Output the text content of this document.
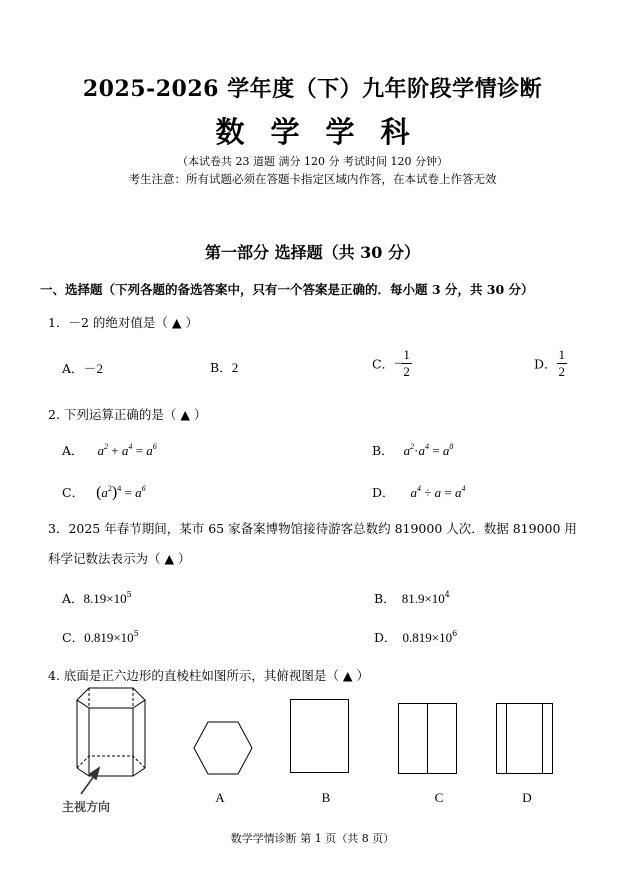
2025-2026 学年度（下）九年阶段学情诊断
数学学科
（本试卷共 23 道题 满分 120 分 考试时间 120 分钟）
考生注意：所有试题必须在答题卡指定区域内作答，在本试卷上作答无效
第一部分 选择题（共 30 分）
一、选择题（下列各题的备选答案中，只有一个答案是正确的．每小题 3 分，共 30 分）
1．－2 的绝对值是（ ▲ ）
A．－2	B．2	C．− $\frac{1}{2}$	D． $\frac{1}{2}$
2. 下列运算正确的是（ ▲ ）
A． $a^2 + a^4 = a^6$	B． $a^2\cdot a^4 = a^8$
C． $(a^2)^4 = a^6$	D． $a^4 \div a = a^4$
3．2025 年春节期间，某市 65 家备案博物馆接待游客总数约 819000 人次．数据 819000 用
科学记数法表示为（ ▲ ）
A．$8.19\times 10^5$	B． $81.9\times 10^4$
C．$0.819\times 10^5$	D． $0.819\times 10^6$
4. 底面是正六边形的直棱柱如图所示，其俯视图是（ ▲ ）
主视方向
A	B	C	D
数学学情诊断 第 1 页（共 8 页）
